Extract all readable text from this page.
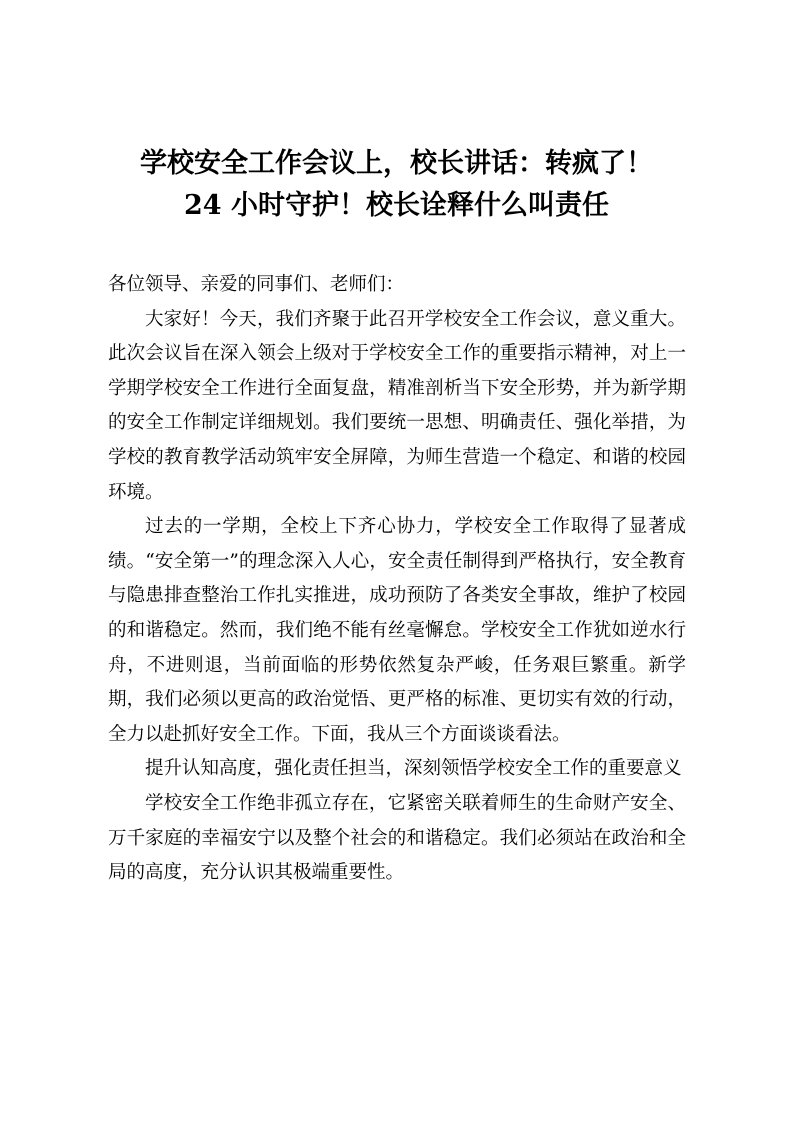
学校安全工作会议上，校长讲话：转疯了！
24 小时守护！校长诠释什么叫责任

各位领导、亲爱的同事们、老师们：

大家好！今天，我们齐聚于此召开学校安全工作会议，意义重大。此次会议旨在深入领会上级对于学校安全工作的重要指示精神，对上一学期学校安全工作进行全面复盘，精准剖析当下安全形势，并为新学期的安全工作制定详细规划。我们要统一思想、明确责任、强化举措，为学校的教育教学活动筑牢安全屏障，为师生营造一个稳定、和谐的校园环境。

过去的一学期，全校上下齐心协力，学校安全工作取得了显著成绩。“安全第一”的理念深入人心，安全责任制得到严格执行，安全教育与隐患排查整治工作扎实推进，成功预防了各类安全事故，维护了校园的和谐稳定。然而，我们绝不能有丝毫懈怠。学校安全工作犹如逆水行舟，不进则退，当前面临的形势依然复杂严峻，任务艰巨繁重。新学期，我们必须以更高的政治觉悟、更严格的标准、更切实有效的行动，全力以赴抓好安全工作。下面，我从三个方面谈谈看法。

提升认知高度，强化责任担当，深刻领悟学校安全工作的重要意义

学校安全工作绝非孤立存在，它紧密关联着师生的生命财产安全、万千家庭的幸福安宁以及整个社会的和谐稳定。我们必须站在政治和全局的高度，充分认识其极端重要性。
